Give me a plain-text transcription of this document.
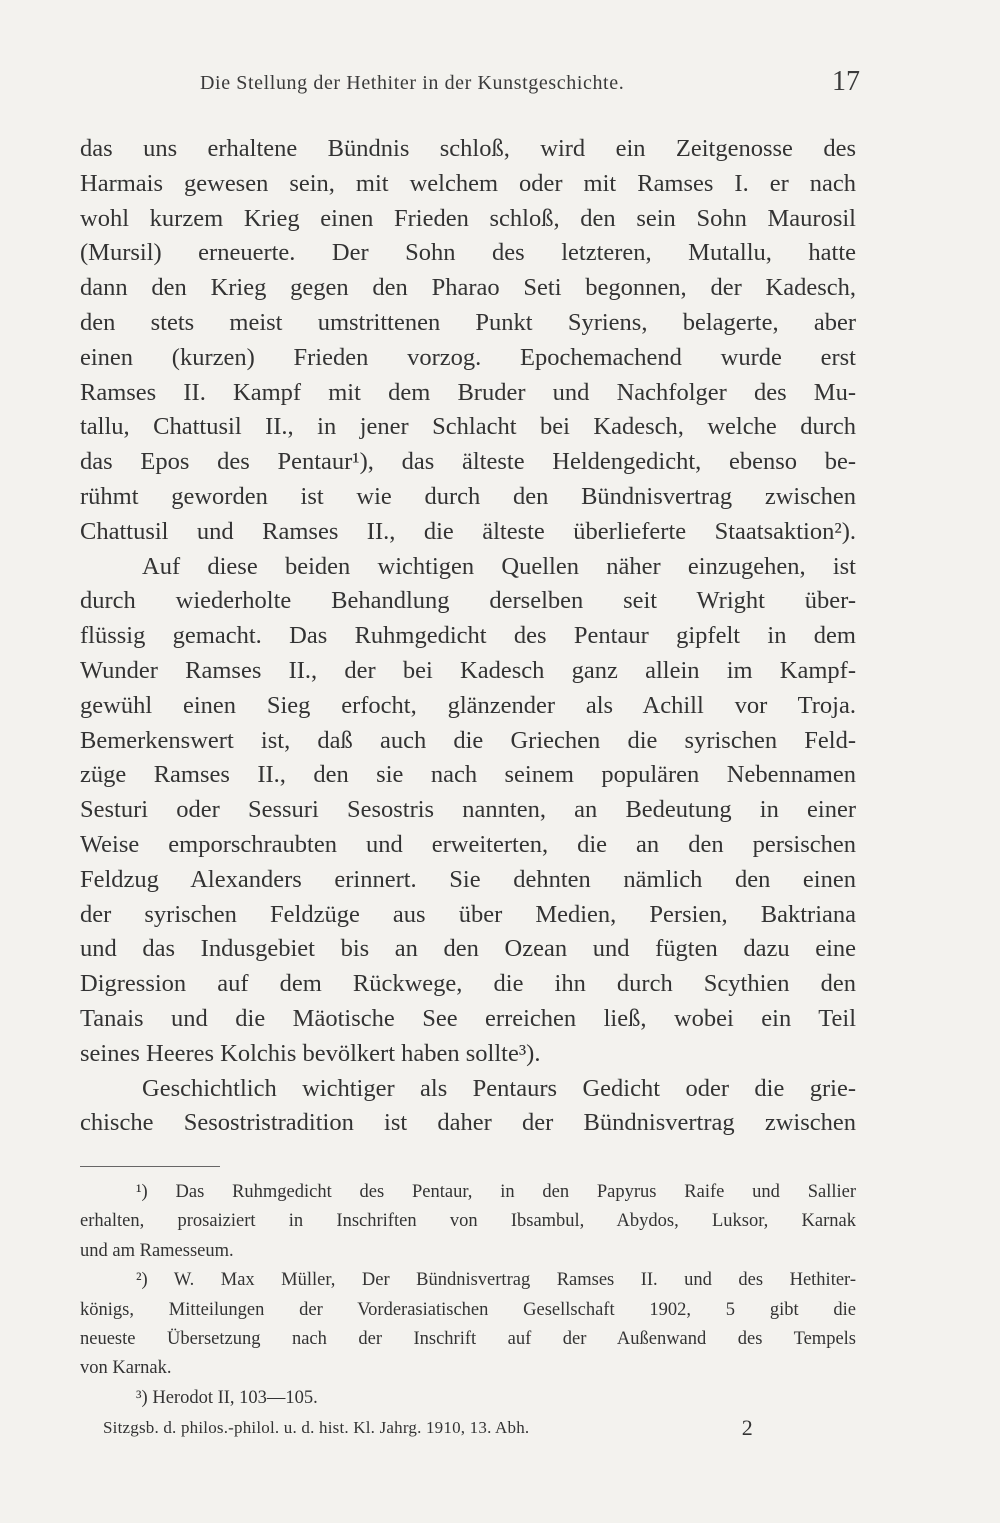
Die Stellung der Hethiter in der Kunstgeschichte.	17

das uns erhaltene Bündnis schloß, wird ein Zeitgenosse des
Harmais gewesen sein, mit welchem oder mit Ramses I. er nach
wohl kurzem Krieg einen Frieden schloß, den sein Sohn Maurosil
(Mursil) erneuerte. Der Sohn des letzteren, Mutallu, hatte
dann den Krieg gegen den Pharao Seti begonnen, der Kadesch,
den stets meist umstrittenen Punkt Syriens, belagerte, aber
einen (kurzen) Frieden vorzog. Epochemachend wurde erst
Ramses II. Kampf mit dem Bruder und Nachfolger des Mu-
tallu, Chattusil II., in jener Schlacht bei Kadesch, welche durch
das Epos des Pentaur¹), das älteste Heldengedicht, ebenso be-
rühmt geworden ist wie durch den Bündnisvertrag zwischen
Chattusil und Ramses II., die älteste überlieferte Staatsaktion²).

Auf diese beiden wichtigen Quellen näher einzugehen, ist
durch wiederholte Behandlung derselben seit Wright über-
flüssig gemacht. Das Ruhmgedicht des Pentaur gipfelt in dem
Wunder Ramses II., der bei Kadesch ganz allein im Kampf-
gewühl einen Sieg erfocht, glänzender als Achill vor Troja.
Bemerkenswert ist, daß auch die Griechen die syrischen Feld-
züge Ramses II., den sie nach seinem populären Nebennamen
Sesturi oder Sessuri Sesostris nannten, an Bedeutung in einer
Weise emporschraubten und erweiterten, die an den persischen
Feldzug Alexanders erinnert. Sie dehnten nämlich den einen
der syrischen Feldzüge aus über Medien, Persien, Baktriana
und das Indusgebiet bis an den Ozean und fügten dazu eine
Digression auf dem Rückwege, die ihn durch Scythien den
Tanais und die Mäotische See erreichen ließ, wobei ein Teil
seines Heeres Kolchis bevölkert haben sollte³).

Geschichtlich wichtiger als Pentaurs Gedicht oder die grie-
chische Sesostristradition ist daher der Bündnisvertrag zwischen

¹) Das Ruhmgedicht des Pentaur, in den Papyrus Raife und Sallier
erhalten, prosaiziert in Inschriften von Ibsambul, Abydos, Luksor, Karnak
und am Ramesseum.

²) W. Max Müller, Der Bündnisvertrag Ramses II. und des Hethiter-
königs, Mitteilungen der Vorderasiatischen Gesellschaft 1902, 5 gibt die
neueste Übersetzung nach der Inschrift auf der Außenwand des Tempels
von Karnak.

³) Herodot II, 103—105.

Sitzgsb. d. philos.-philol. u. d. hist. Kl. Jahrg. 1910, 13. Abh.	2
